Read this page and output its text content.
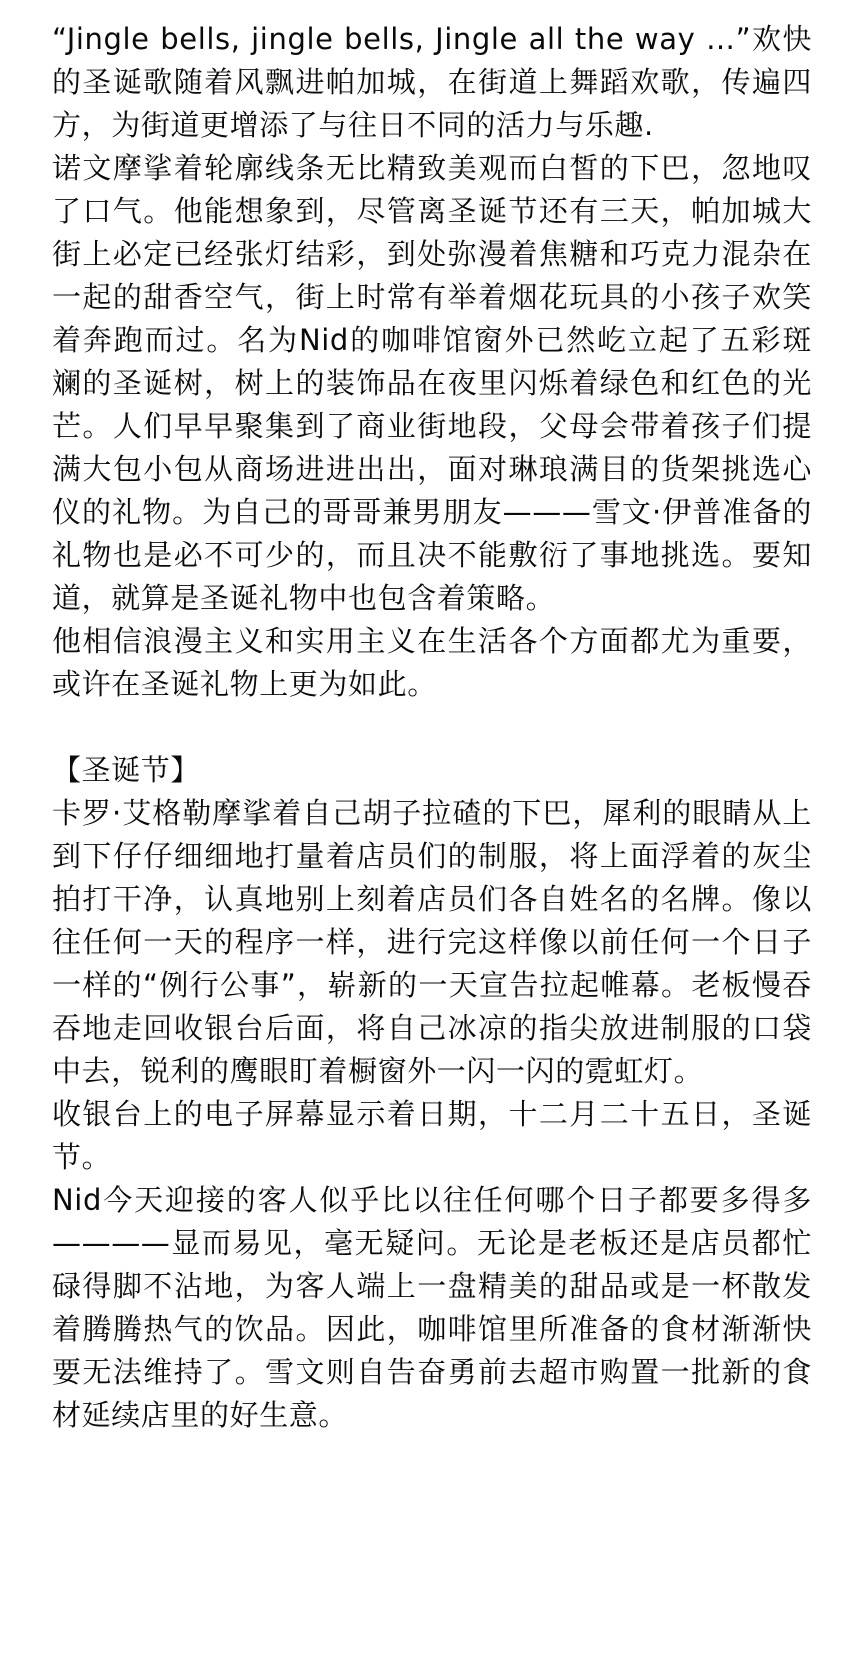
“Jingle bells, jingle bells, Jingle all the way …”欢快的圣诞歌随着风飘进帕加城，在街道上舞蹈欢歌，传遍四方，为街道更增添了与往日不同的活力与乐趣.

诺文摩挲着轮廓线条无比精致美观而白皙的下巴，忽地叹了口气。他能想象到，尽管离圣诞节还有三天，帕加城大街上必定已经张灯结彩，到处弥漫着焦糖和巧克力混杂在一起的甜香空气，街上时常有举着烟花玩具的小孩子欢笑着奔跑而过。名为Nid的咖啡馆窗外已然屹立起了五彩斑斓的圣诞树，树上的装饰品在夜里闪烁着绿色和红色的光芒。人们早早聚集到了商业街地段，父母会带着孩子们提满大包小包从商场进进出出，面对琳琅满目的货架挑选心仪的礼物。为自己的哥哥兼男朋友———雪文·伊普准备的礼物也是必不可少的，而且决不能敷衍了事地挑选。要知道，就算是圣诞礼物中也包含着策略。

他相信浪漫主义和实用主义在生活各个方面都尤为重要，或许在圣诞礼物上更为如此。

【圣诞节】

卡罗·艾格勒摩挲着自己胡子拉碴的下巴，犀利的眼睛从上到下仔仔细细地打量着店员们的制服，将上面浮着的灰尘拍打干净，认真地别上刻着店员们各自姓名的名牌。像以往任何一天的程序一样，进行完这样像以前任何一个日子一样的“例行公事”，崭新的一天宣告拉起帷幕。老板慢吞吞地走回收银台后面，将自己冰凉的指尖放进制服的口袋中去，锐利的鹰眼盯着橱窗外一闪一闪的霓虹灯。

收银台上的电子屏幕显示着日期，十二月二十五日，圣诞节。

Nid今天迎接的客人似乎比以往任何哪个日子都要多得多————显而易见，毫无疑问。无论是老板还是店员都忙碌得脚不沾地，为客人端上一盘精美的甜品或是一杯散发着腾腾热气的饮品。因此，咖啡馆里所准备的食材渐渐快要无法维持了。雪文则自告奋勇前去超市购置一批新的食材延续店里的好生意。
